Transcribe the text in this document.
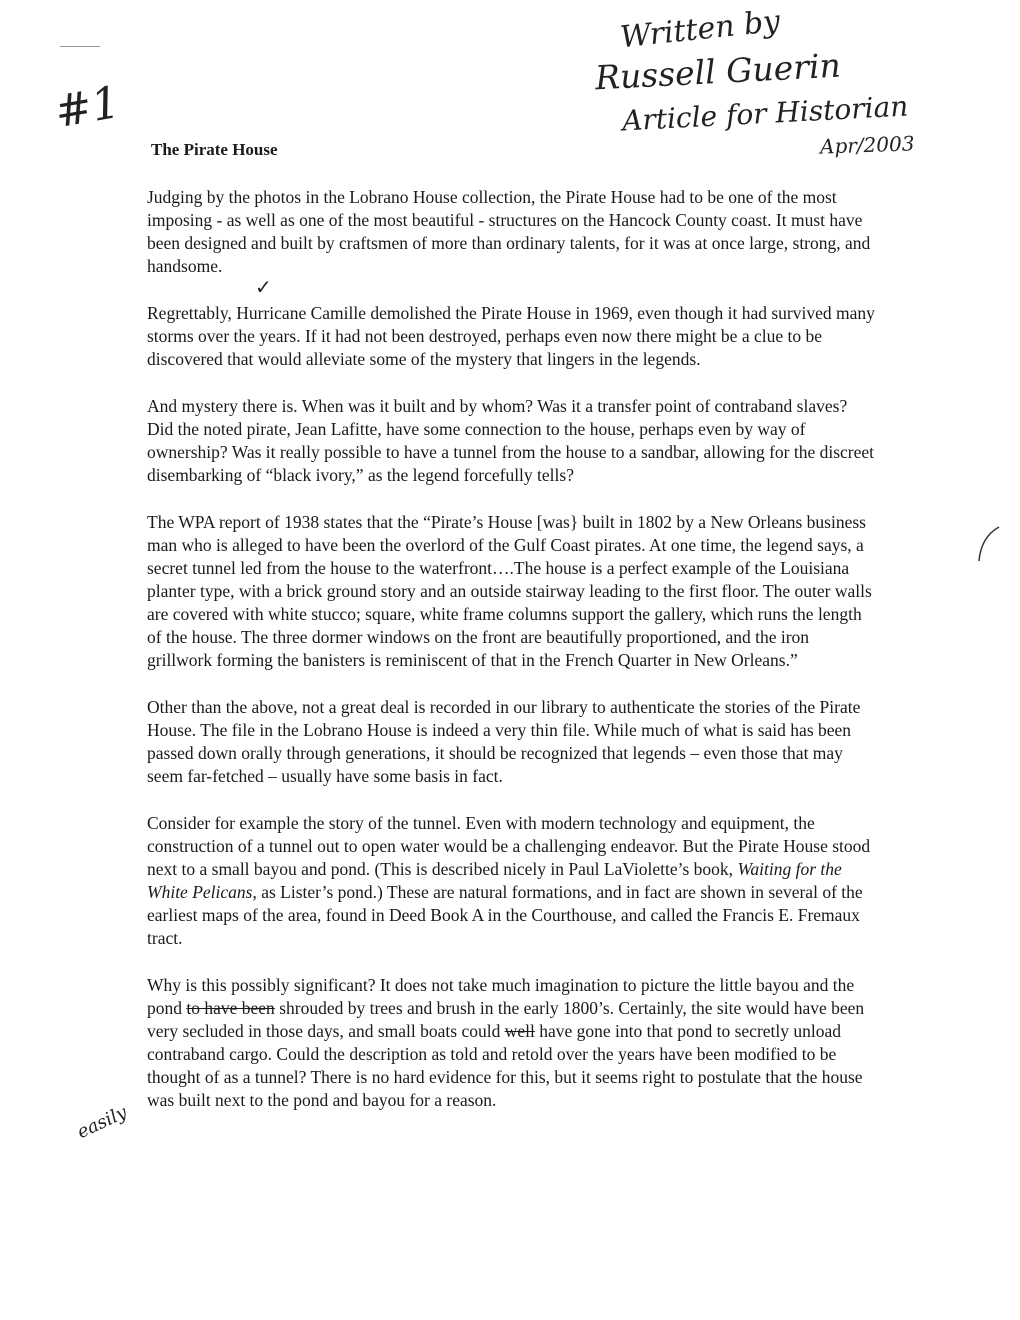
#1

Written by

Russell Guerin

Article for Historian

Apr/2003

✓

The Pirate House

Judging by the photos in the Lobrano House collection, the Pirate House had to be one of the most imposing - as well as one of the most beautiful - structures on the Hancock County coast. It must have been designed and built by craftsmen of more than ordinary talents, for it was at once large, strong, and handsome.

Regrettably, Hurricane Camille demolished the Pirate House in 1969, even though it had survived many storms over the years. If it had not been destroyed, perhaps even now there might be a clue to be discovered that would alleviate some of the mystery that lingers in the legends.

And mystery there is. When was it built and by whom? Was it a transfer point of contraband slaves? Did the noted pirate, Jean Lafitte, have some connection to the house, perhaps even by way of ownership? Was it really possible to have a tunnel from the house to a sandbar, allowing for the discreet disembarking of “black ivory,” as the legend forcefully tells?

The WPA report of 1938 states that the “Pirate’s House [was} built in 1802 by a New Orleans business man who is alleged to have been the overlord of the Gulf Coast pirates. At one time, the legend says, a secret tunnel led from the house to the waterfront….The house is a perfect example of the Louisiana planter type, with a brick ground story and an outside stairway leading to the first floor. The outer walls are covered with white stucco; square, white frame columns support the gallery, which runs the length of the house. The three dormer windows on the front are beautifully proportioned, and the iron grillwork forming the banisters is reminiscent of that in the French Quarter in New Orleans.”

Other than the above, not a great deal is recorded in our library to authenticate the stories of the Pirate House. The file in the Lobrano House is indeed a very thin file. While much of what is said has been passed down orally through generations, it should be recognized that legends – even those that may seem far-fetched – usually have some basis in fact.

Consider for example the story of the tunnel. Even with modern technology and equipment, the construction of a tunnel out to open water would be a challenging endeavor. But the Pirate House stood next to a small bayou and pond. (This is described nicely in Paul LaViolette’s book, Waiting for the White Pelicans, as Lister’s pond.) These are natural formations, and in fact are shown in several of the earliest maps of the area, found in Deed Book A in the Courthouse, and called the Francis E. Fremaux tract.

Why is this possibly significant? It does not take much imagination to picture the little bayou and the pond to have been shrouded by trees and brush in the early 1800’s. Certainly, the site would have been very secluded in those days, and small boats could well have gone into that pond to secretly unload contraband cargo. Could the description as told and retold over the years have been modified to be thought of as a tunnel? There is no hard evidence for this, but it seems right to postulate that the house was built next to the pond and bayou for a reason.

easily
